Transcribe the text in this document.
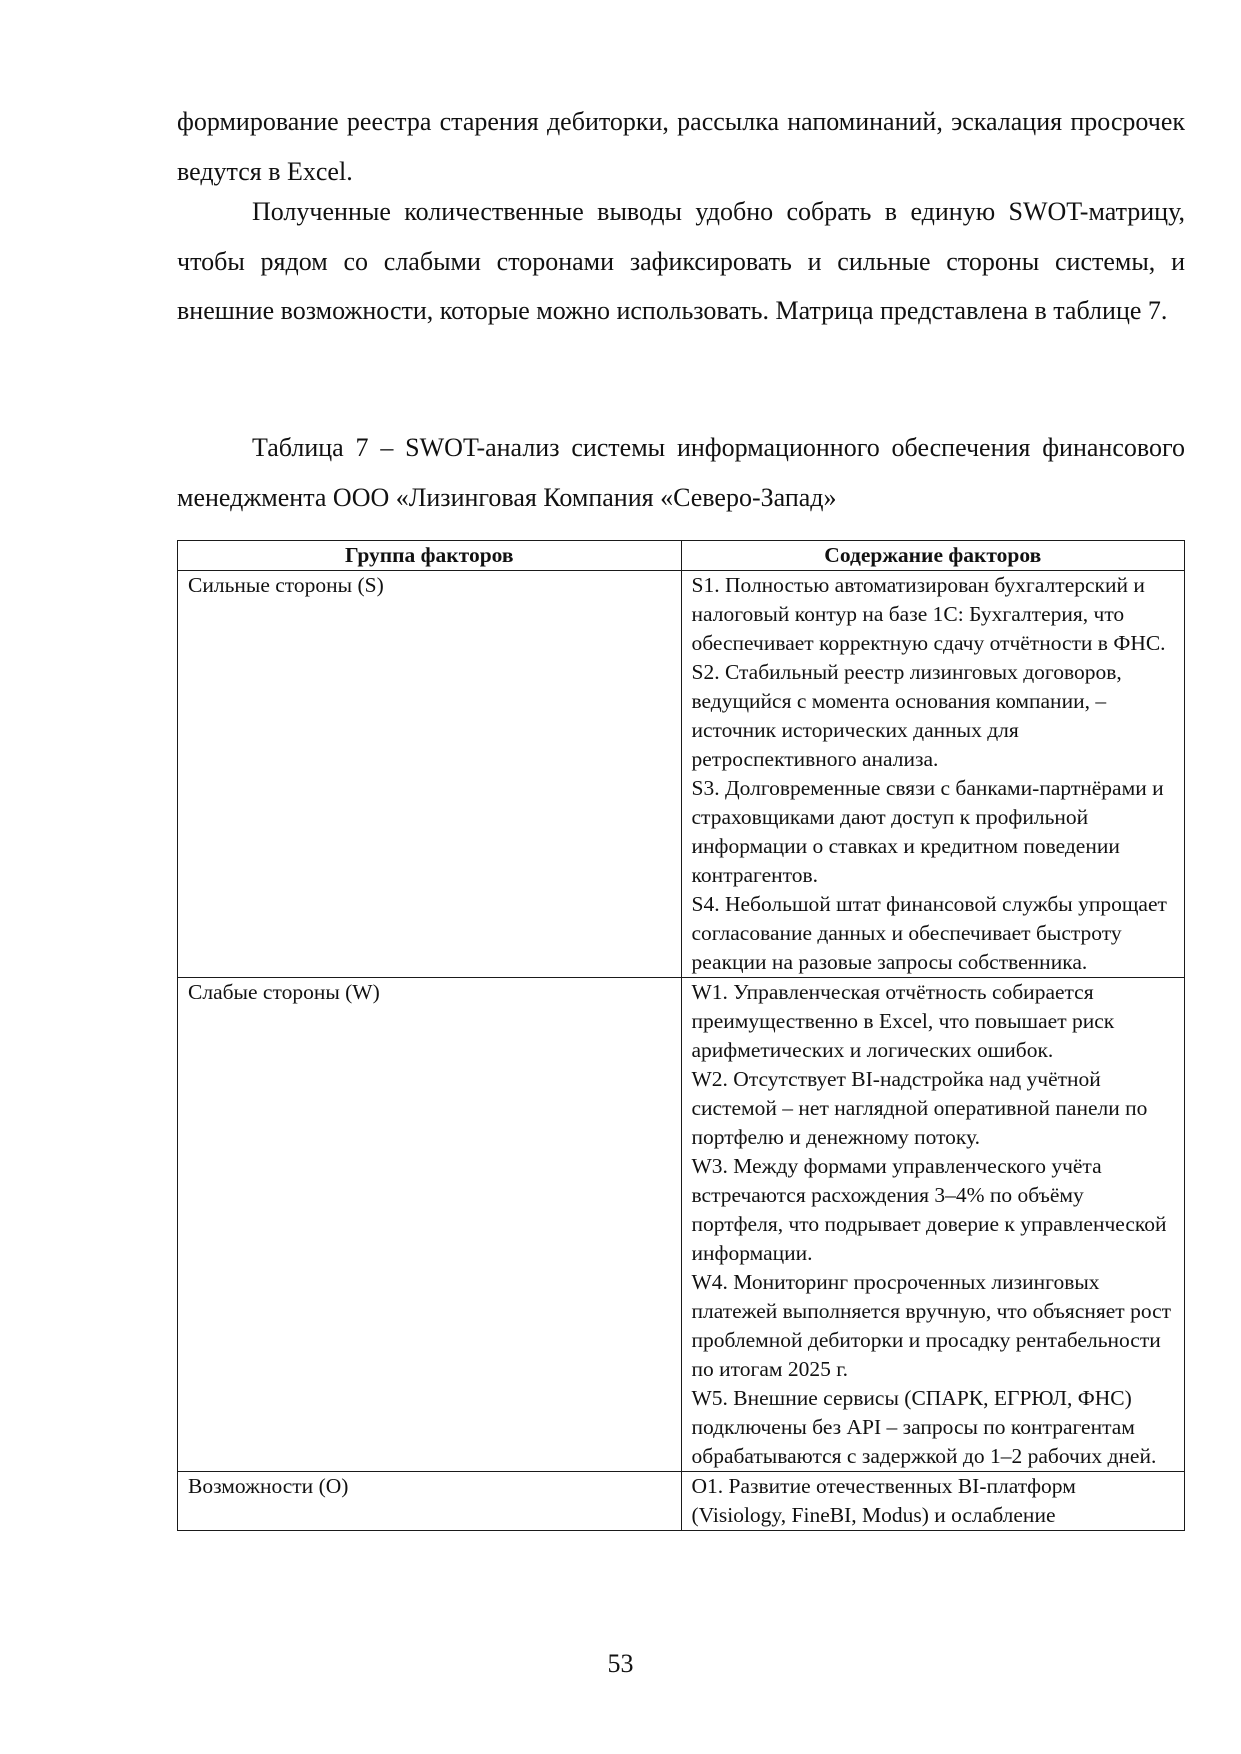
формирование реестра старения дебиторки, рассылка напоминаний, эскалация просрочек ведутся в Excel.

Полученные количественные выводы удобно собрать в единую SWOT-матрицу, чтобы рядом со слабыми сторонами зафиксировать и сильные стороны системы, и внешние возможности, которые можно использовать. Матрица представлена в таблице 7.

Таблица 7 – SWOT-анализ системы информационного обеспечения финансового менеджмента ООО «Лизинговая Компания «Северо-Запад»

Группа факторов	Содержание факторов
Сильные стороны (S)	S1. Полностью автоматизирован бухгалтерский и налоговый контур на базе 1С: Бухгалтерия, что обеспечивает корректную сдачу отчётности в ФНС.
S2. Стабильный реестр лизинговых договоров, ведущийся с момента основания компании, – источник исторических данных для ретроспективного анализа.
S3. Долговременные связи с банками-партнёрами и страховщиками дают доступ к профильной информации о ставках и кредитном поведении контрагентов.
S4. Небольшой штат финансовой службы упрощает согласование данных и обеспечивает быстроту реакции на разовые запросы собственника.

Слабые стороны (W)	W1. Управленческая отчётность собирается преимущественно в Excel, что повышает риск арифметических и логических ошибок.
W2. Отсутствует BI-надстройка над учётной системой – нет наглядной оперативной панели по портфелю и денежному потоку.
W3. Между формами управленческого учёта встречаются расхождения 3–4% по объёму портфеля, что подрывает доверие к управленческой информации.
W4. Мониторинг просроченных лизинговых платежей выполняется вручную, что объясняет рост проблемной дебиторки и просадку рентабельности по итогам 2025 г.
W5. Внешние сервисы (СПАРК, ЕГРЮЛ, ФНС) подключены без API – запросы по контрагентам обрабатываются с задержкой до 1–2 рабочих дней.

Возможности (O)	O1. Развитие отечественных BI-платформ (Visiology, FineBI, Modus) и ослабление
53
